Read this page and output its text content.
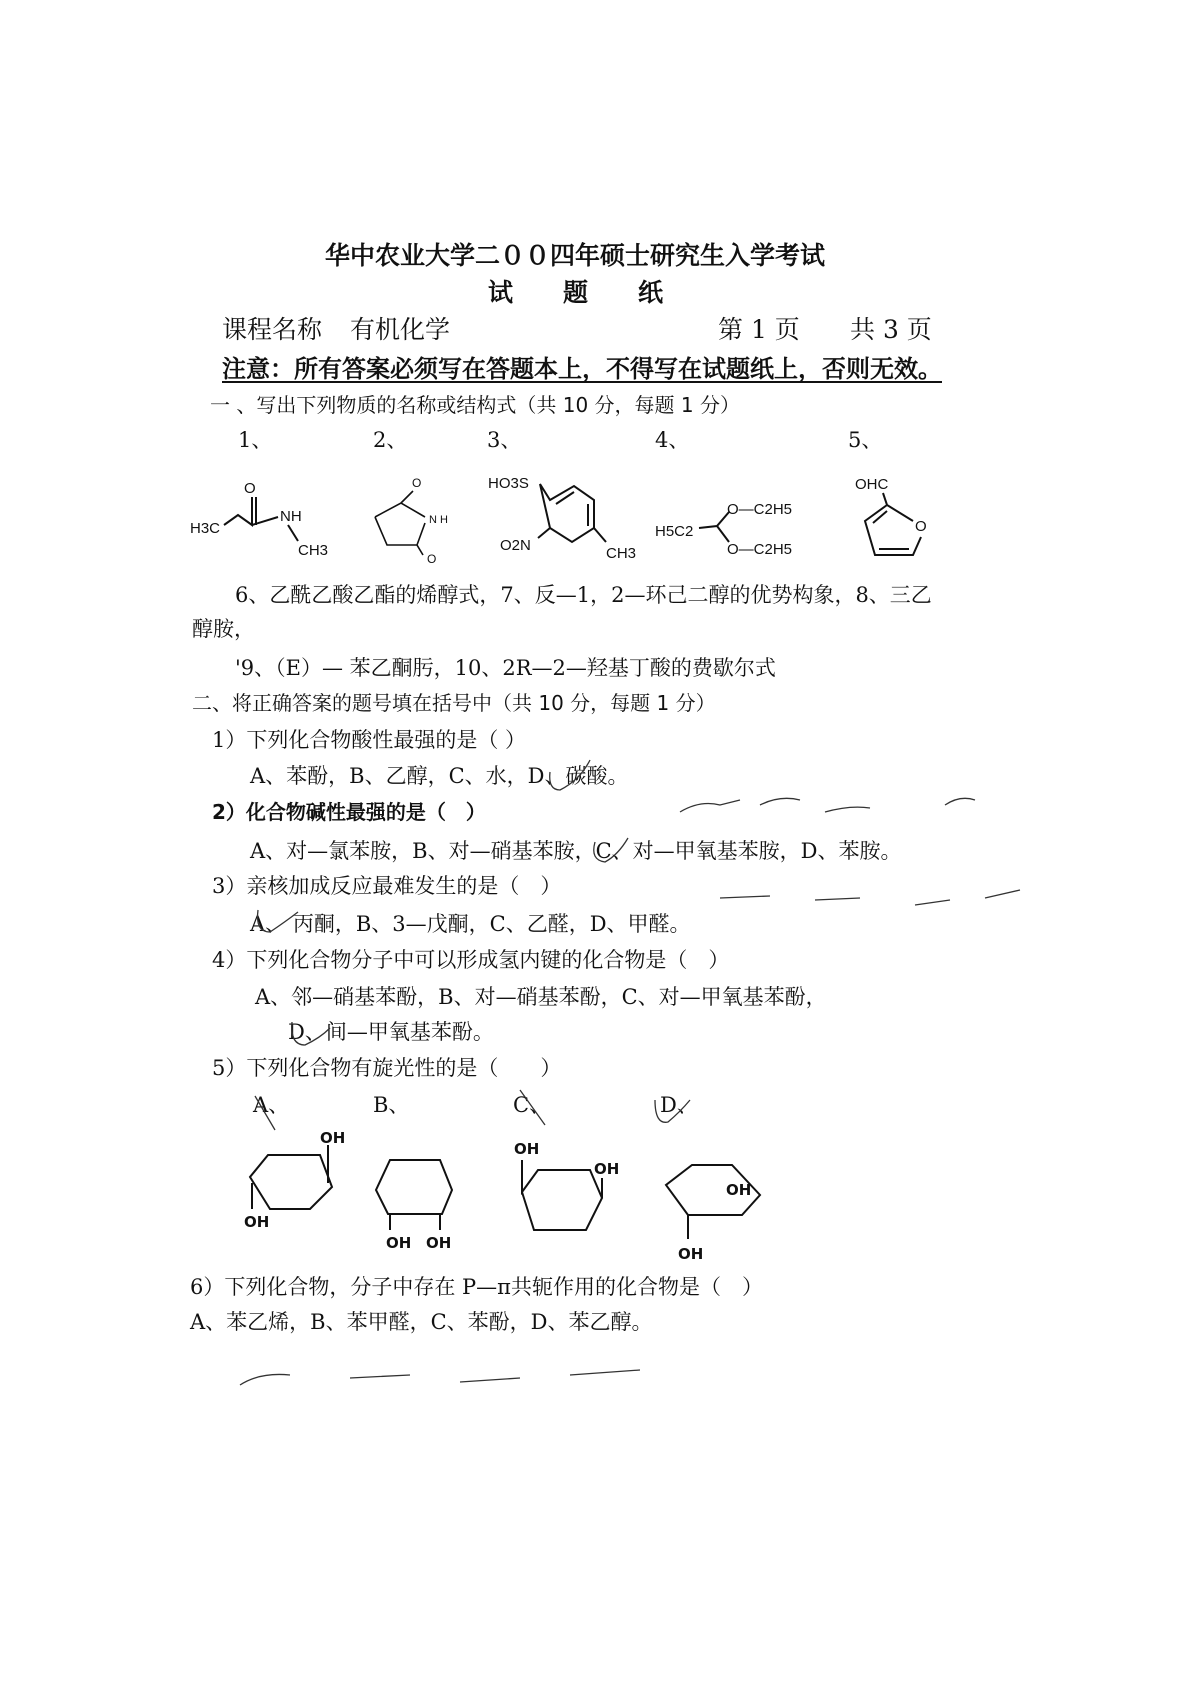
华中农业大学二００四年硕士研究生入学考试
试　　题　　纸
课程名称 有机化学	第 1 页 共 3 页
注意：所有答案必须写在答题本上，不得写在试题纸上，否则无效。
一 、写出下列物质的名称或结构式（共 10 分，每题 1 分）
1、	2、	3、	4、	5、
O
H3C
NH
CH3
O
N H
O
HO3S
O2N	CH3
H5C2
O—C2H5
O—C2H5
OHC
O
6、乙酰乙酸乙酯的烯醇式，7、反—1，2—环己二醇的优势构象，8、三乙
醇胺，
'9、（E）— 苯乙酮肟，10、2R—2—羟基丁酸的费歇尔式
二、将正确答案的题号填在括号中（共 10 分，每题 1 分）
1）下列化合物酸性最强的是（ ）
A、苯酚，B、乙醇，C、水，D、碳酸。
2）化合物碱性最强的是（　）
A、对—氯苯胺，B、对—硝基苯胺，C、对—甲氧基苯胺，D、苯胺。
3）亲核加成反应最难发生的是（　）
A、 丙酮，B、3—戊酮，C、乙醛，D、甲醛。
4）下列化合物分子中可以形成氢内键的化合物是（　）
A、邻—硝基苯酚，B、对—硝基苯酚，C、对—甲氧基苯酚，
D、间—甲氧基苯酚。
5）下列化合物有旋光性的是（　　）
A、	B、	C、	D、
OH
OH
OH OH
OH
OH
OH
OH
6）下列化合物，分子中存在 P—π共轭作用的化合物是（　）
A、苯乙烯，B、苯甲醛，C、苯酚，D、苯乙醇。
